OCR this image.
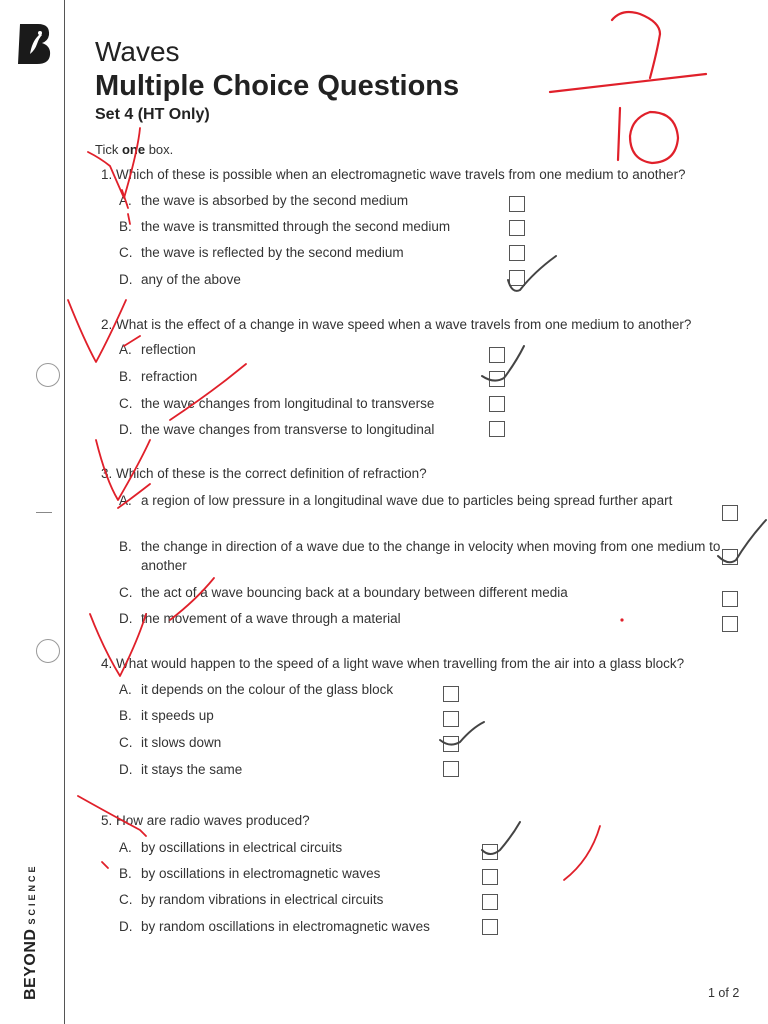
BEYONDSCIENCE
Waves
Multiple Choice Questions
Set 4 (HT Only)
Tick one box.
1. Which of these is possible when an electromagnetic wave travels from one medium to another?
A. the wave is absorbed by the second medium
B. the wave is transmitted through the second medium
C. the wave is reflected by the second medium
D. any of the above
2. What is the effect of a change in wave speed when a wave travels from one medium to another?
A. reflection
B. refraction
C. the wave changes from longitudinal to transverse
D. the wave changes from transverse to longitudinal
3. Which of these is the correct definition of refraction?
A. a region of low pressure in a longitudinal wave due to particles being spread further apart
B. the change in direction of a wave due to the change in velocity when moving from one medium to another
C. the act of a wave bouncing back at a boundary between different media
D. the movement of a wave through a material
4. What would happen to the speed of a light wave when travelling from the air into a glass block?
A. it depends on the colour of the glass block
B. it speeds up
C. it slows down
D. it stays the same
5. How are radio waves produced?
A. by oscillations in electrical circuits
B. by oscillations in electromagnetic waves
C. by random vibrations in electrical circuits
D. by random oscillations in electromagnetic waves
1 of 2
